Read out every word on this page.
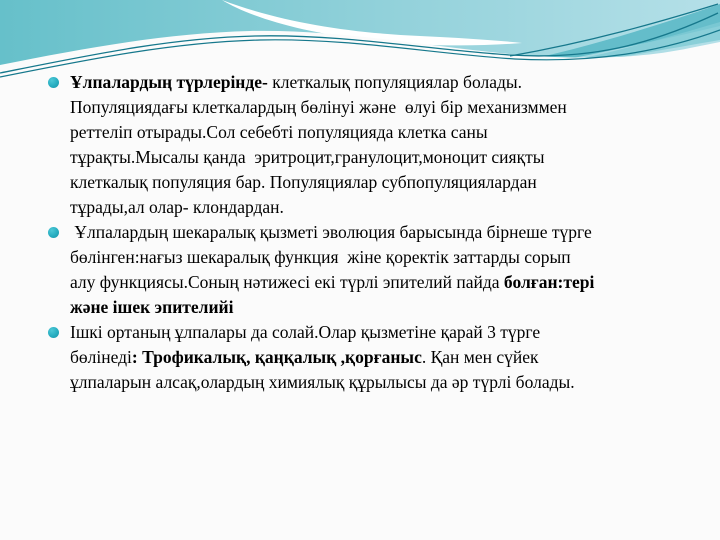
Ұлпалардың түрлерінде- клеткалық популяциялар болады.
Популяциядағы клеткалардың бөлінуі және  өлуі бір механизммен
реттеліп отырады.Сол себебті популяцияда клетка саны
тұрақты.Мысалы қанда  эритроцит,гранулоцит,моноцит сияқты
клеткалық популяция бар. Популяциялар субпопуляциялардан
тұрады,ал олар- клондардан.
Ұлпалардың шекаралық қызметі эволюция барысында бірнеше түрге
бөлінген:нағыз шекаралық функция  жіне қоректік заттарды сорып
алу функциясы.Соның нәтижесі екі түрлі эпителий пайда болған:тері
және ішек эпителийі
Ішкі ортаның ұлпалары да солай.Олар қызметіне қарай 3 түрге
бөлінеді: Трофикалық, қаңқалық ,қорғаныс. Қан мен сүйек
ұлпаларын алсақ,олардың химиялық құрылысы да әр түрлі болады.
